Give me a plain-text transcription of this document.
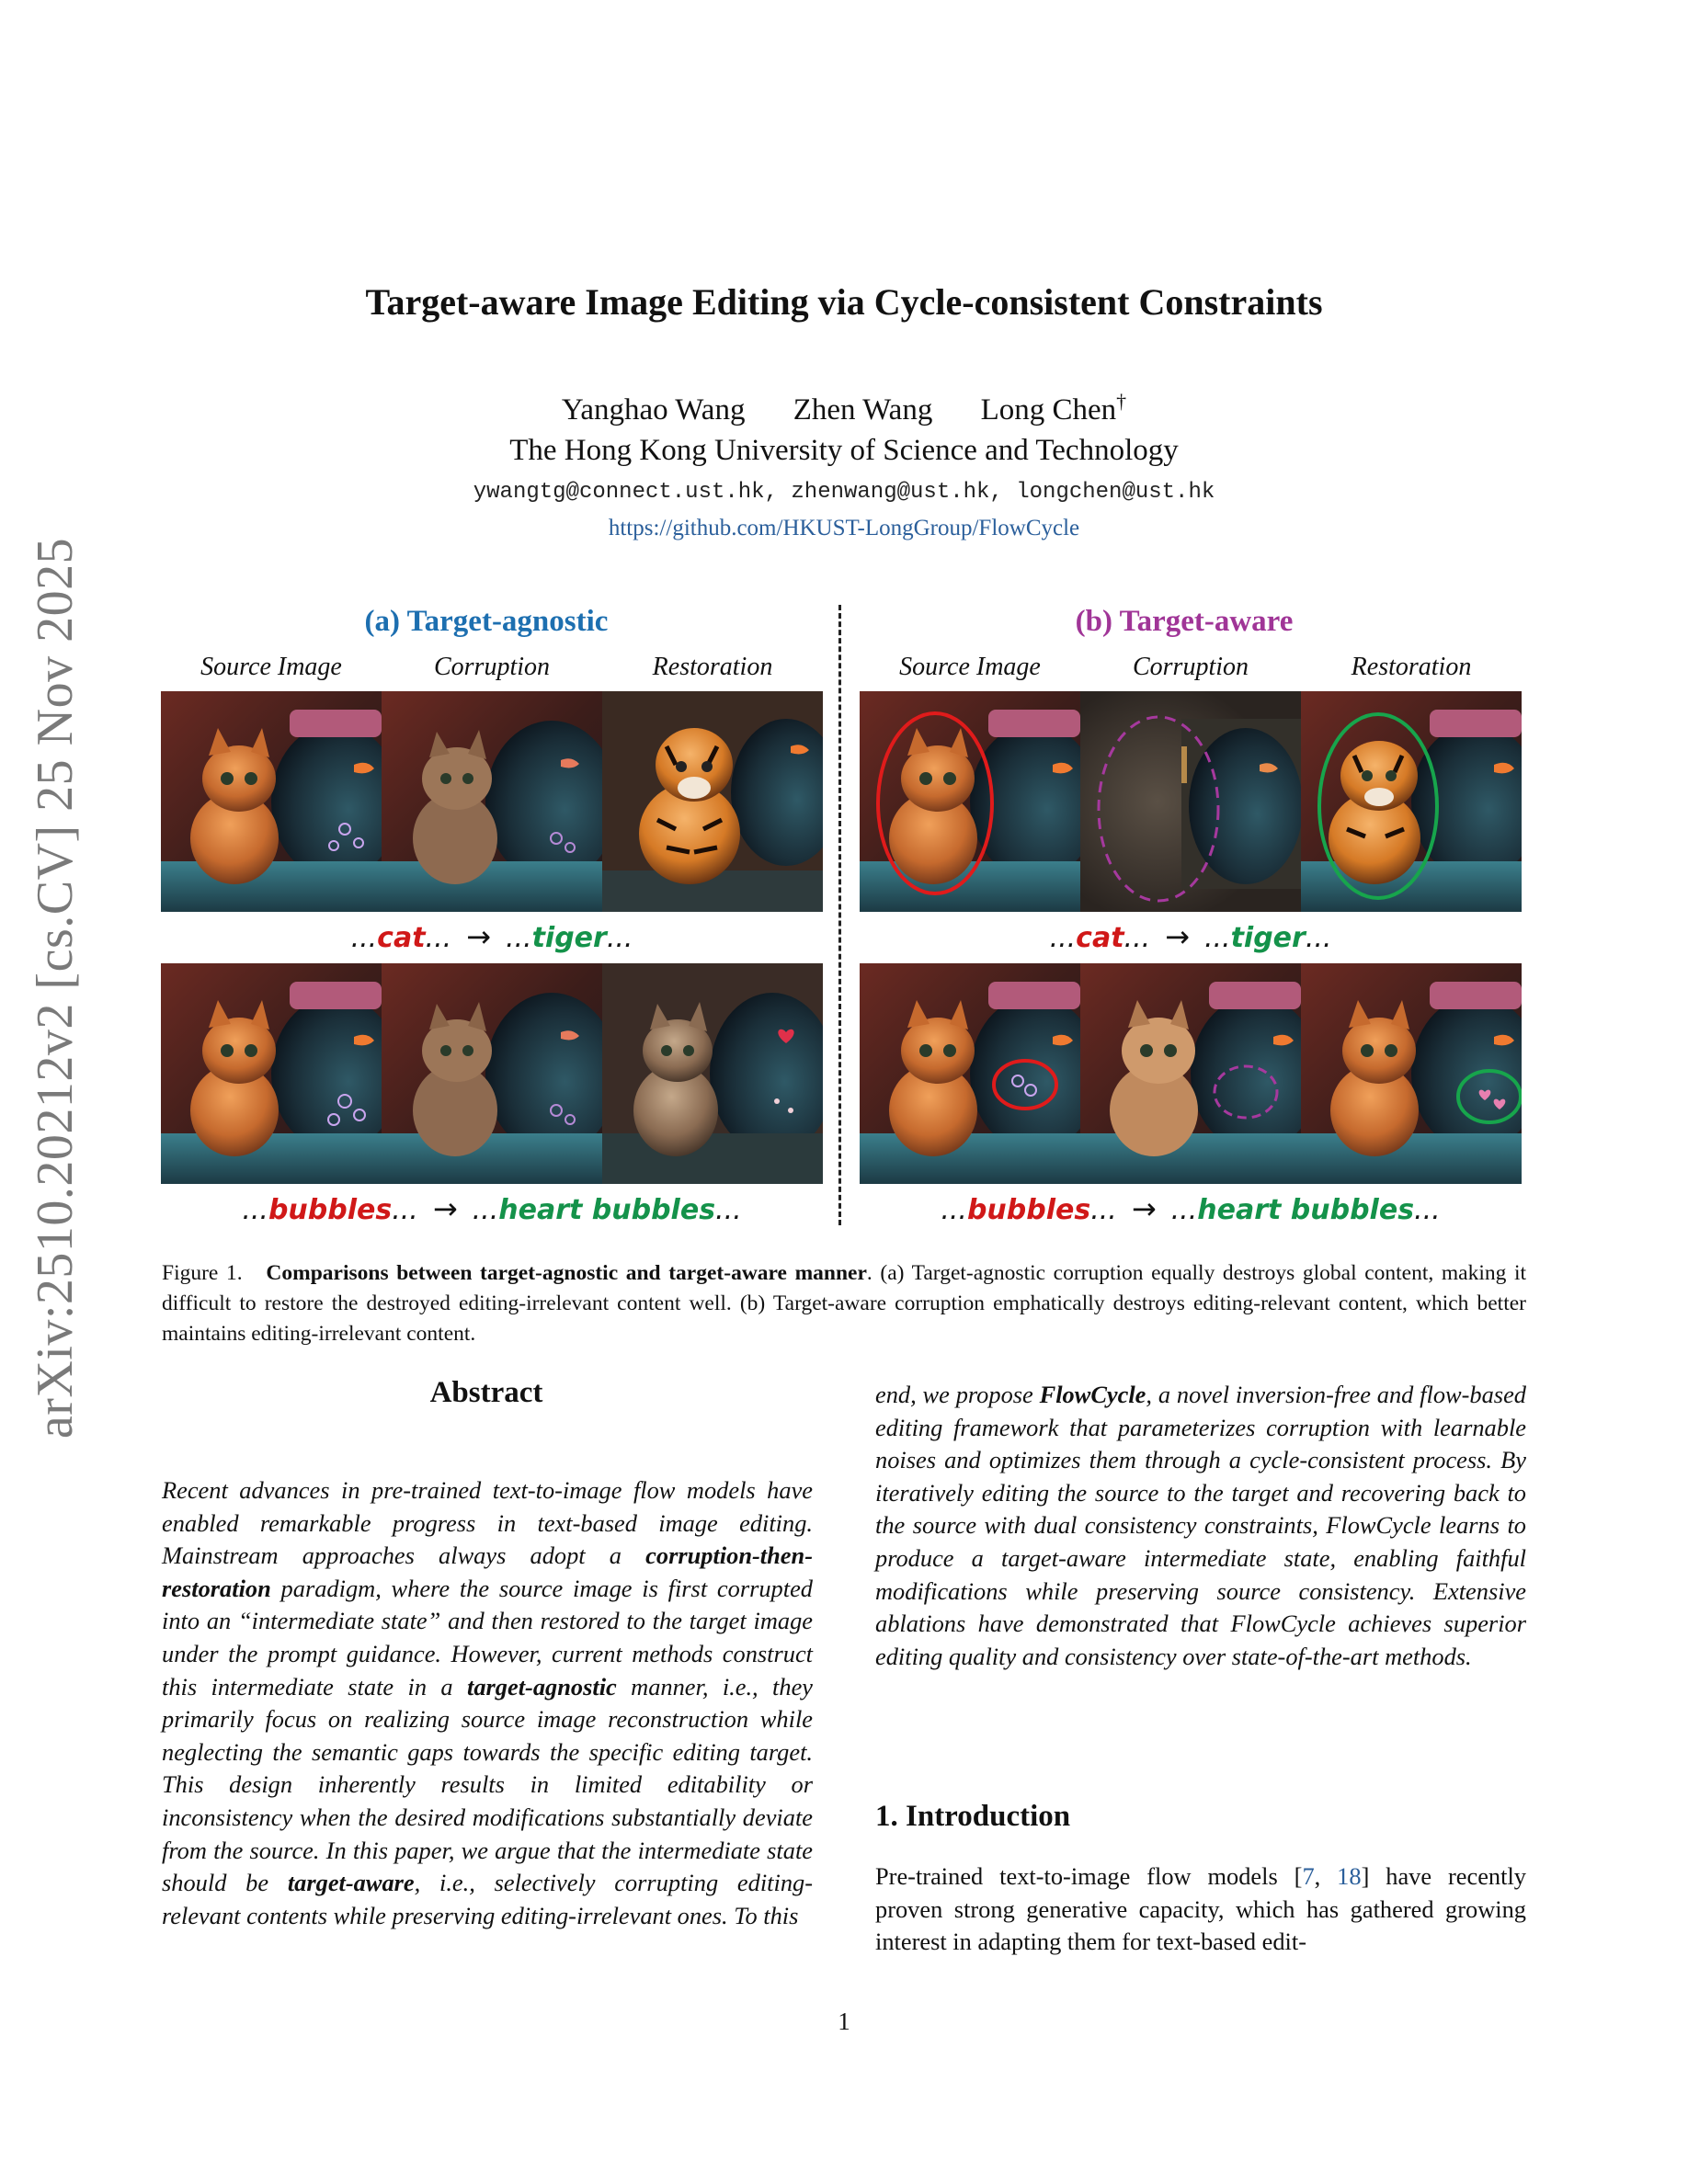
arXiv:2510.20212v2 [cs.CV] 25 Nov 2025
Target-aware Image Editing via Cycle-consistent Constraints
Yanghao Wang Zhen Wang Long Chen†
The Hong Kong University of Science and Technology
ywangtg@connect.ust.hk, zhenwang@ust.hk, longchen@ust.hk
https://github.com/HKUST-LongGroup/FlowCycle
(a) Target-agnostic	(b) Target-aware
Source Image	Corruption	Restoration	Source Image	Corruption	Restoration
...cat... → ...tiger...	...cat... → ...tiger...
...bubbles... → ...heart bubbles...	...bubbles... → ...heart bubbles...
Figure 1. Comparisons between target-agnostic and target-aware manner. (a) Target-agnostic corruption equally destroys global content, making it difficult to restore the destroyed editing-irrelevant content well. (b) Target-aware corruption emphatically destroys editing-relevant content, which better maintains editing-irrelevant content.
Abstract
Recent advances in pre-trained text-to-image flow models have enabled remarkable progress in text-based image editing. Mainstream approaches always adopt a corruption-then-restoration paradigm, where the source image is first corrupted into an “intermediate state” and then restored to the target image under the prompt guidance. However, current methods construct this intermediate state in a target-agnostic manner, i.e., they primarily focus on realizing source image reconstruction while neglecting the semantic gaps towards the specific editing target. This design inherently results in limited editability or inconsistency when the desired modifications substantially deviate from the source. In this paper, we argue that the intermediate state should be target-aware, i.e., selectively corrupting editing-relevant contents while preserving editing-irrelevant ones. To this
end, we propose FlowCycle, a novel inversion-free and flow-based editing framework that parameterizes corruption with learnable noises and optimizes them through a cycle-consistent process. By iteratively editing the source to the target and recovering back to the source with dual consistency constraints, FlowCycle learns to produce a target-aware intermediate state, enabling faithful modifications while preserving source consistency. Extensive ablations have demonstrated that FlowCycle achieves superior editing quality and consistency over state-of-the-art methods.
1. Introduction
Pre-trained text-to-image flow models [7, 18] have recently proven strong generative capacity, which has gathered growing interest in adapting them for text-based edit-
1
